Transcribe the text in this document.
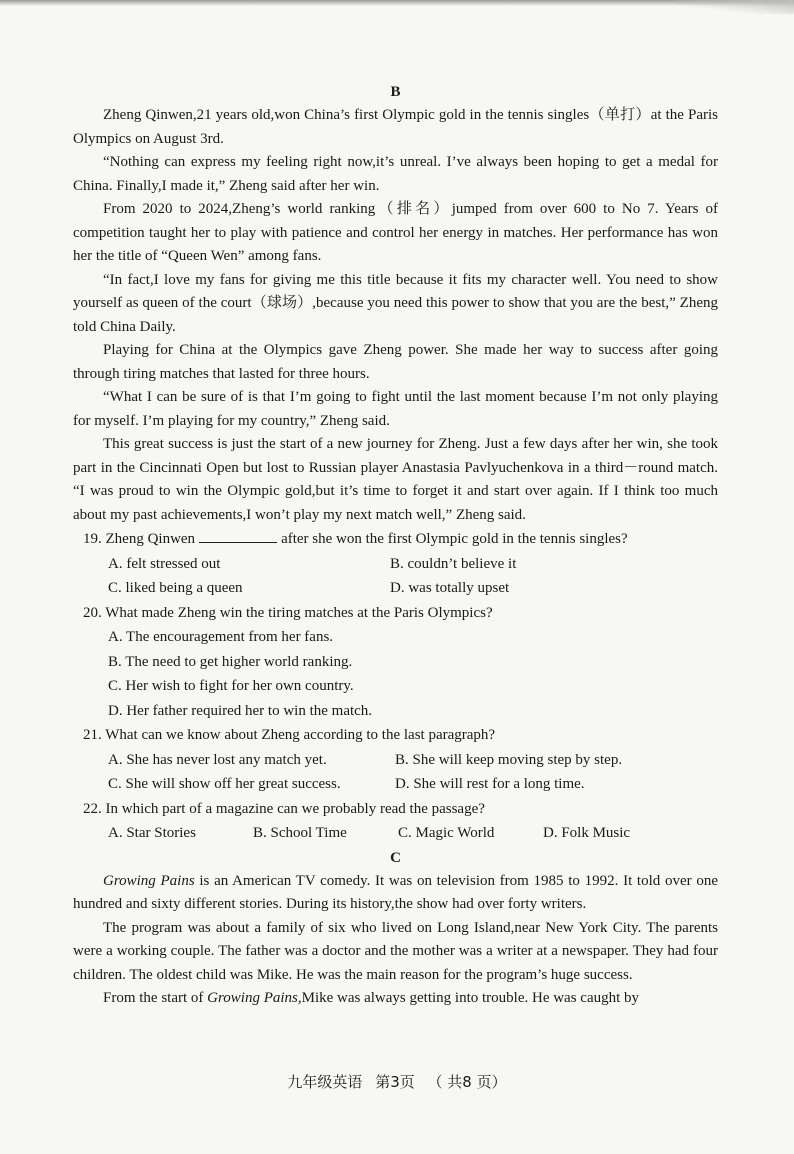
B

Zheng Qinwen,21 years old,won China’s first Olympic gold in the tennis singles（单打）at the Paris Olympics on August 3rd.

“Nothing can express my feeling right now,it’s unreal. I’ve always been hoping to get a medal for China. Finally,I made it,” Zheng said after her win.

From 2020 to 2024,Zheng’s world ranking（排名）jumped from over 600 to No 7. Years of competition taught her to play with patience and control her energy in matches. Her performance has won her the title of “Queen Wen” among fans.

“In fact,I love my fans for giving me this title because it fits my character well. You need to show yourself as queen of the court（球场）,because you need this power to show that you are the best,” Zheng told China Daily.

Playing for China at the Olympics gave Zheng power. She made her way to success after going through tiring matches that lasted for three hours.

“What I can be sure of is that I’m going to fight until the last moment because I’m not only playing for myself. I’m playing for my country,” Zheng said.

This great success is just the start of a new journey for Zheng. Just a few days after her win, she took part in the Cincinnati Open but lost to Russian player Anastasia Pavlyuchenkova in a third－round match. “I was proud to win the Olympic gold,but it’s time to forget it and start over again. If I think too much about my past achievements,I won’t play my next match well,” Zheng said.

19. Zheng Qinwen	after she won the first Olympic gold in the tennis singles?
A. felt stressed out	B. couldn’t believe it
C. liked being a queen	D. was totally upset
20. What made Zheng win the tiring matches at the Paris Olympics?
A. The encouragement from her fans.
B. The need to get higher world ranking.
C. Her wish to fight for her own country.
D. Her father required her to win the match.
21. What can we know about Zheng according to the last paragraph?
A. She has never lost any match yet.	B. She will keep moving step by step.
C. She will show off her great success.	D. She will rest for a long time.
22. In which part of a magazine can we probably read the passage?
A. Star Stories	B. School Time	C. Magic World	D. Folk Music
C

Growing Pains is an American TV comedy. It was on television from 1985 to 1992. It told over one hundred and sixty different stories. During its history,the show had over forty writers.

The program was about a family of six who lived on Long Island,near New York City. The parents were a working couple. The father was a doctor and the mother was a writer at a newspaper. They had four children. The oldest child was Mike. He was the main reason for the program’s huge success.

From the start of Growing Pains,Mike was always getting into trouble. He was caught by

九年级英语 第3页 （ 共8 页）
